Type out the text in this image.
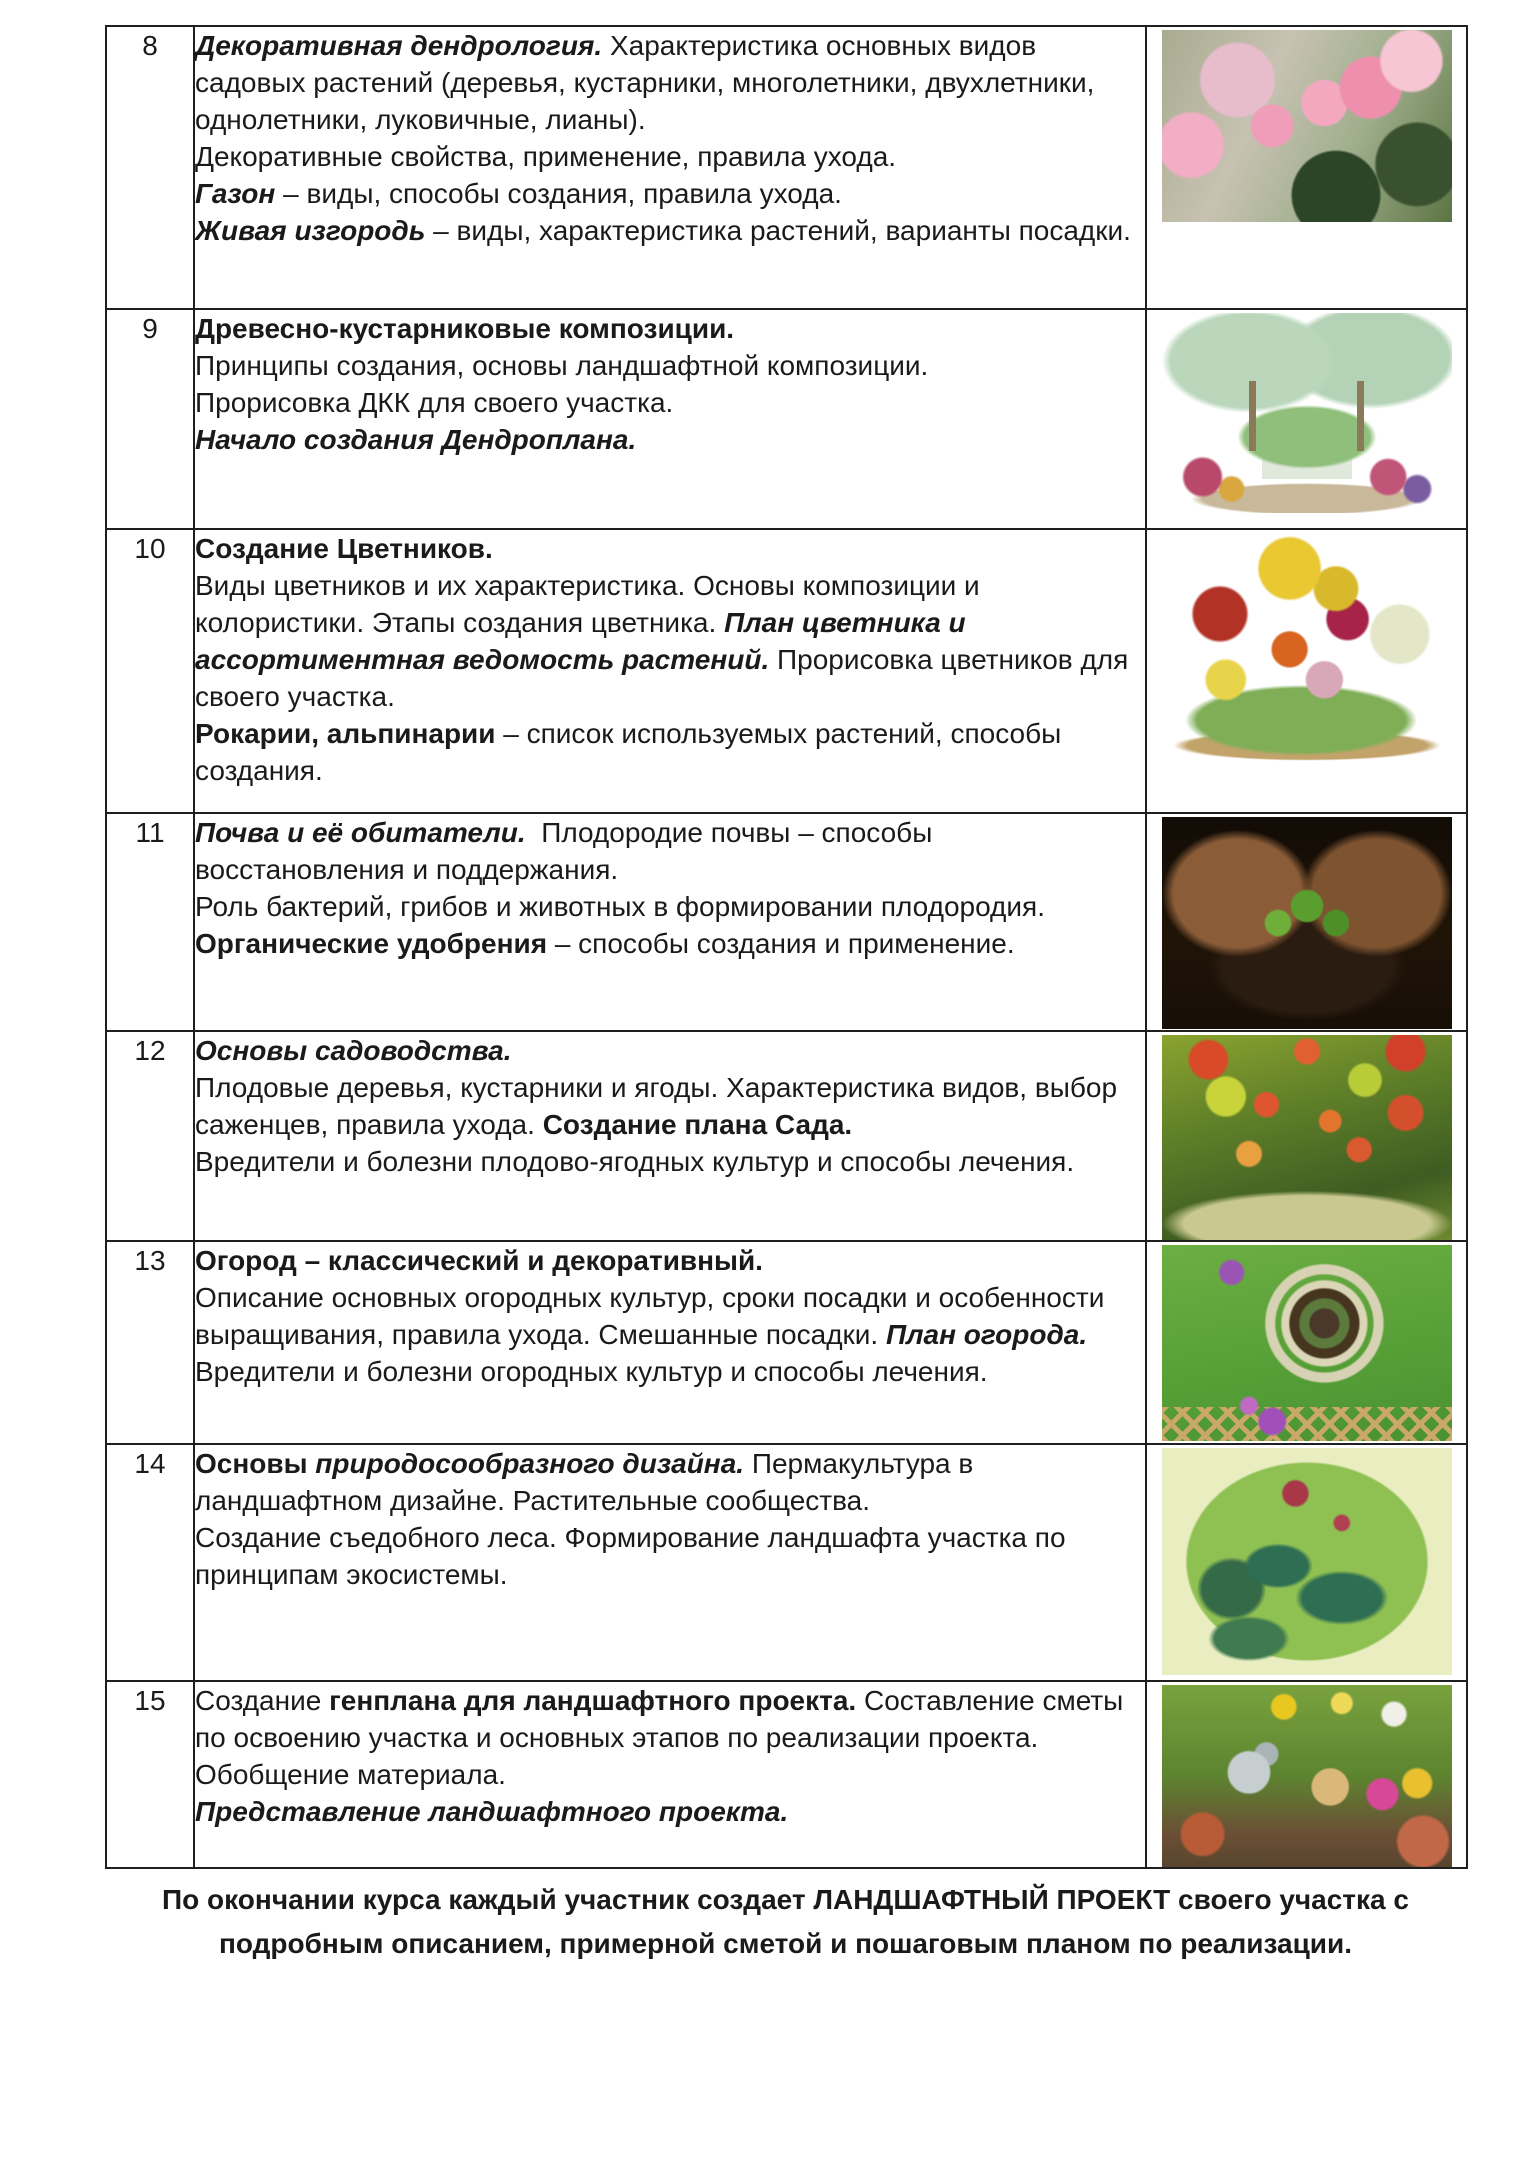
8	Декоративная дендрология. Характеристика основных видов садовых растений (деревья, кустарники, многолетники, двухлетники, однолетники, луковичные, лианы).
Декоративные свойства, применение, правила ухода.
Газон – виды, способы создания, правила ухода.
Живая изгородь – виды, характеристика растений, варианты посадки.	

9	Древесно-кустарниковые композиции.
Принципы создания, основы ландшафтной композиции.
Прорисовка ДКК для своего участка.
Начало создания Дендроплана.	

10	Создание Цветников.
Виды цветников и их характеристика. Основы композиции и колористики. Этапы создания цветника. План цветника и ассортиментная ведомость растений. Прорисовка цветников для своего участка.
Рокарии, альпинарии – список используемых растений, способы создания.	

11	Почва и её обитатели.  Плодородие почвы – способы восстановления и поддержания.
Роль бактерий, грибов и животных в формировании плодородия. Органические удобрения – способы создания и применение.	

12	Основы садоводства.
Плодовые деревья, кустарники и ягоды. Характеристика видов, выбор саженцев, правила ухода. Создание плана Сада.
Вредители и болезни плодово-ягодных культур и способы лечения.	

13	Огород – классический и декоративный.
Описание основных огородных культур, сроки посадки и особенности выращивания, правила ухода. Смешанные посадки. План огорода.
Вредители и болезни огородных культур и способы лечения.	

14	Основы природосообразного дизайна. Пермакультура в ландшафтном дизайне. Растительные сообщества.
Создание съедобного леса. Формирование ландшафта участка по принципам экосистемы.	

15	Создание генплана для ландшафтного проекта. Составление сметы по освоению участка и основных этапов по реализации проекта. Обобщение материала.
Представление ландшафтного проекта.	

По окончании курса каждый участник создает ЛАНДШАФТНЫЙ ПРОЕКТ своего участка с подробным описанием, примерной сметой и пошаговым планом по реализации.
